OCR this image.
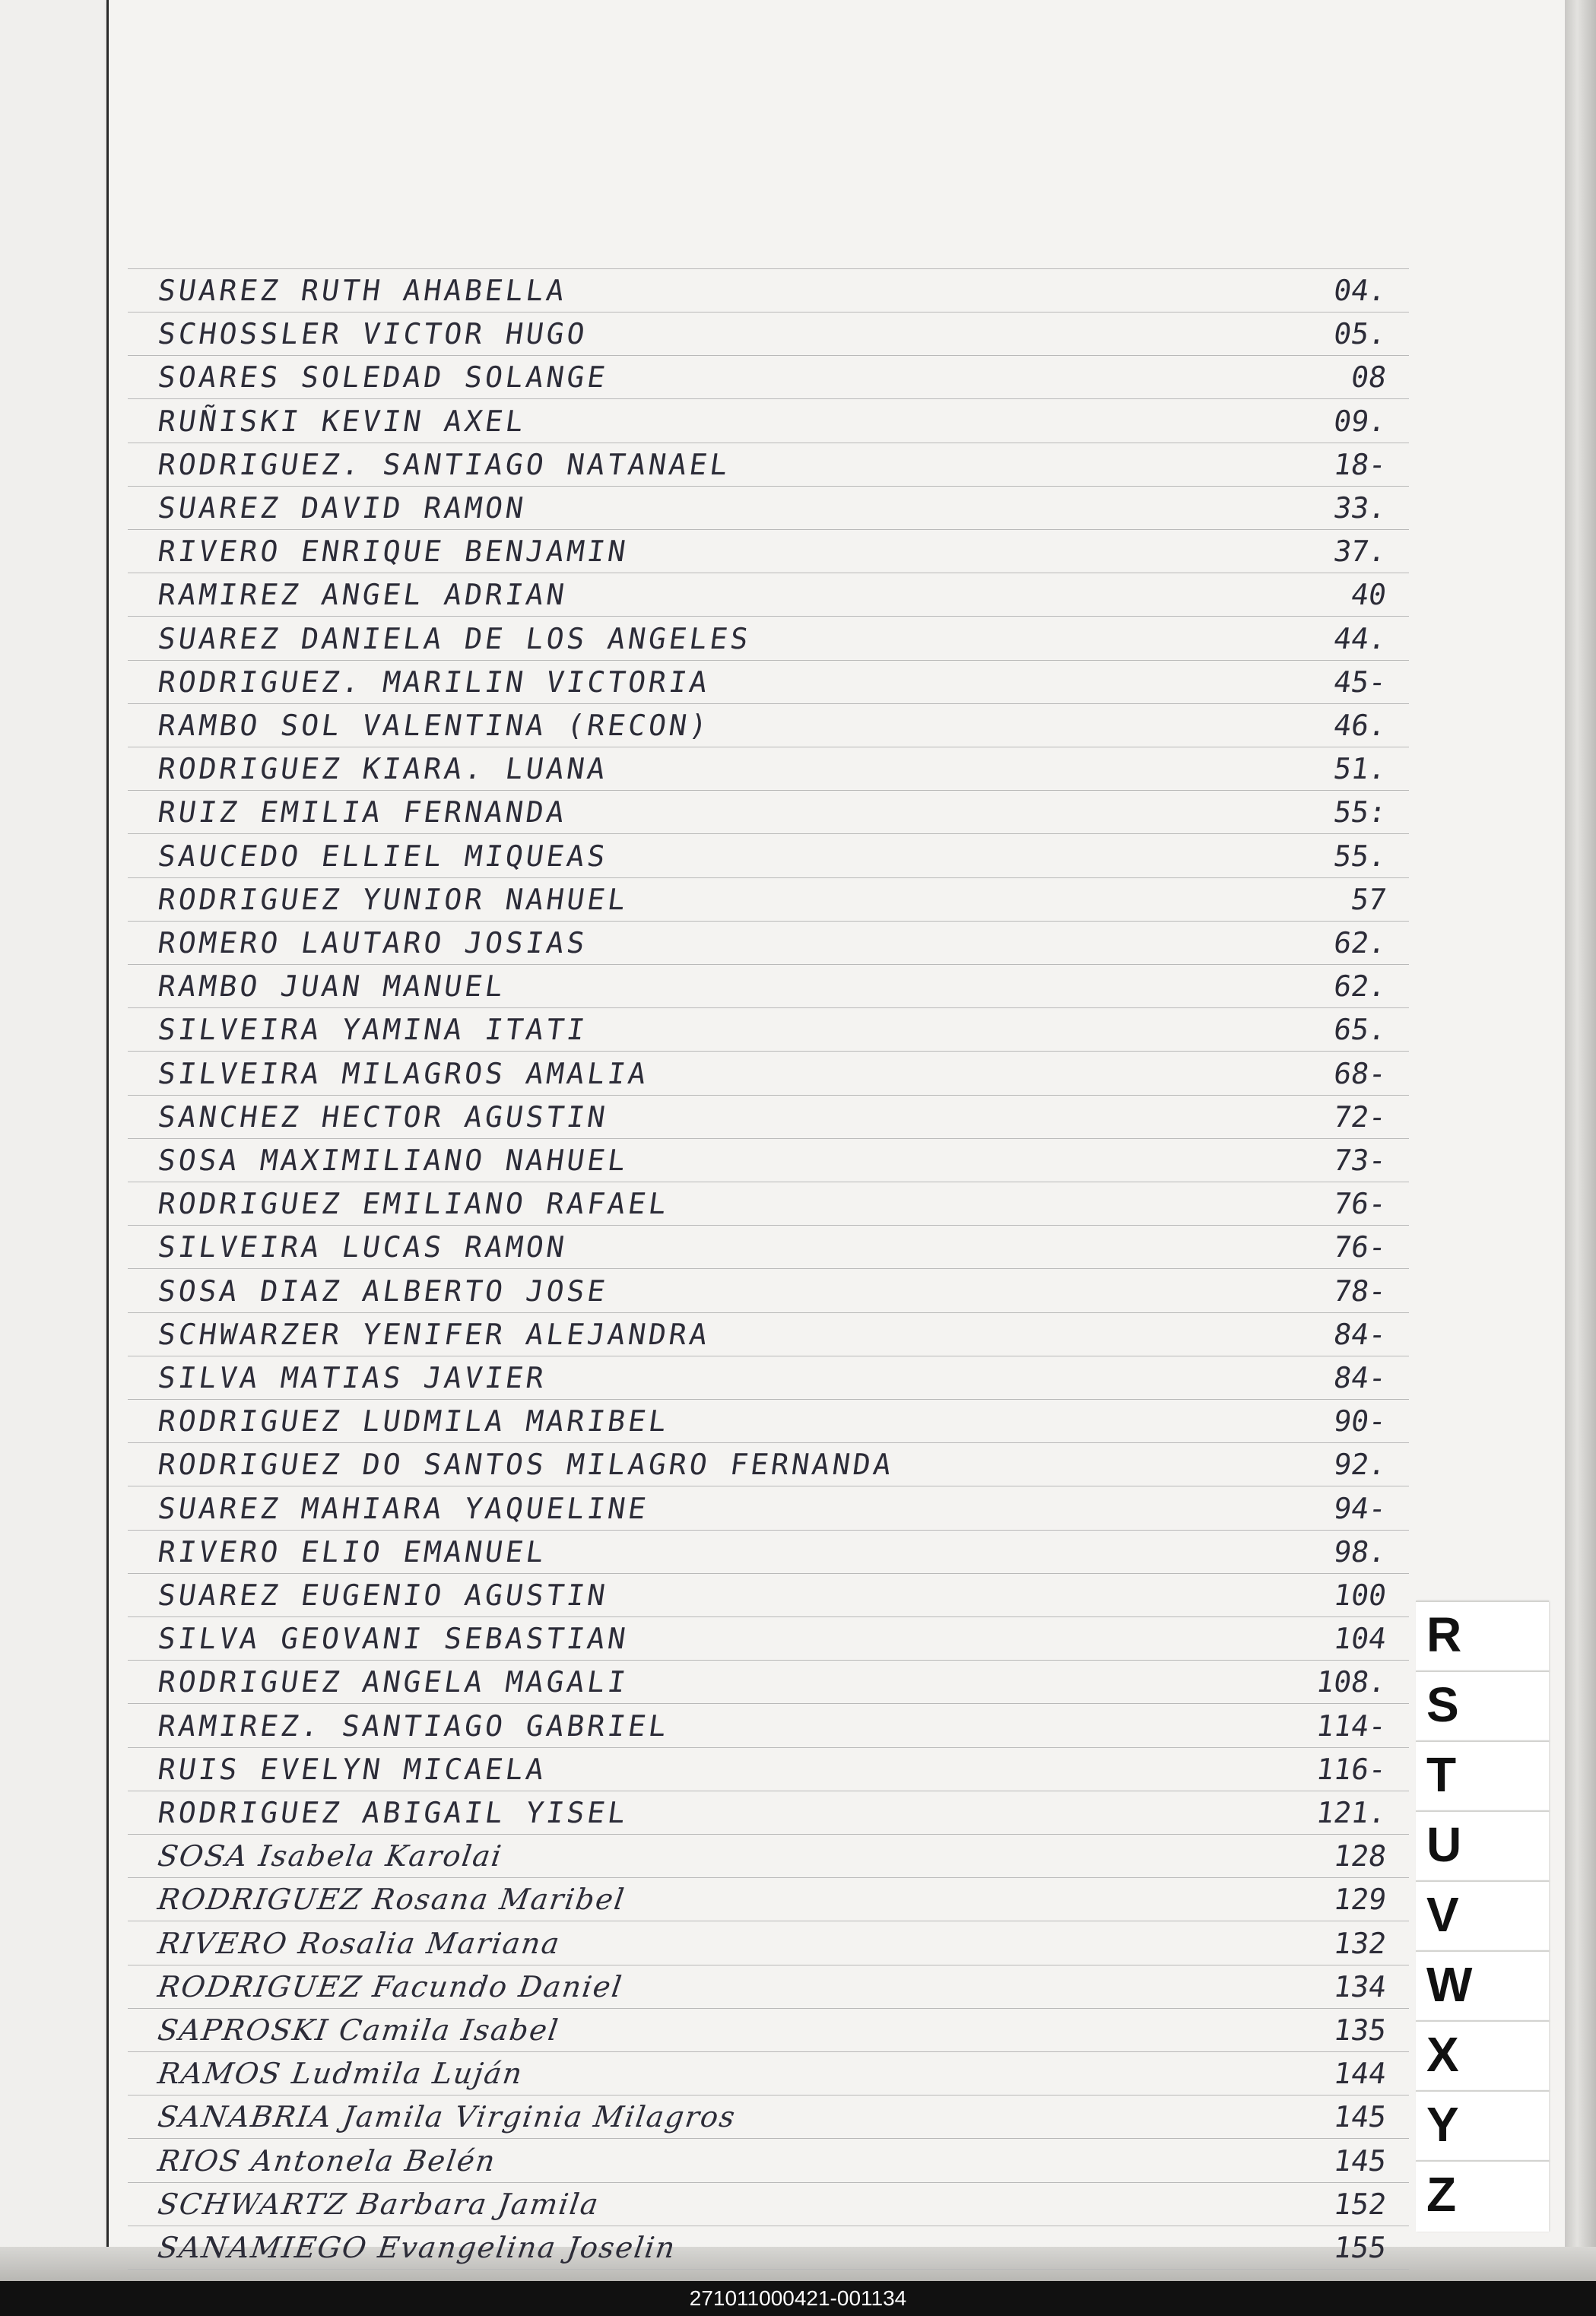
SUAREZ RUTH AHABELLA	04.
SCHOSSLER VICTOR HUGO	05.
SOARES SOLEDAD SOLANGE	08
RUÑISKI KEVIN AXEL	09.
RODRIGUEZ. SANTIAGO NATANAEL	18-
SUAREZ DAVID RAMON	33.
RIVERO ENRIQUE BENJAMIN	37.
RAMIREZ ANGEL ADRIAN	40
SUAREZ DANIELA DE LOS ANGELES	44.
RODRIGUEZ. MARILIN VICTORIA	45-
RAMBO SOL VALENTINA (RECON)	46.
RODRIGUEZ KIARA. LUANA	51.
RUIZ EMILIA FERNANDA	55:
SAUCEDO ELLIEL MIQUEAS	55.
RODRIGUEZ YUNIOR NAHUEL	57
ROMERO LAUTARO JOSIAS	62.
RAMBO JUAN MANUEL	62.
SILVEIRA YAMINA ITATI	65.
SILVEIRA MILAGROS AMALIA	68-
SANCHEZ HECTOR AGUSTIN	72-
SOSA MAXIMILIANO NAHUEL	73-
RODRIGUEZ EMILIANO RAFAEL	76-
SILVEIRA LUCAS RAMON	76-
SOSA DIAZ ALBERTO JOSE	78-
SCHWARZER YENIFER ALEJANDRA	84-
SILVA MATIAS JAVIER	84-
RODRIGUEZ LUDMILA MARIBEL	90-
RODRIGUEZ DO SANTOS MILAGRO FERNANDA	92.
SUAREZ MAHIARA YAQUELINE	94-
RIVERO ELIO EMANUEL	98.
SUAREZ EUGENIO AGUSTIN	100
SILVA GEOVANI SEBASTIAN	104
RODRIGUEZ ANGELA MAGALI	108.
RAMIREZ. SANTIAGO GABRIEL	114-
RUIS EVELYN MICAELA	116-
RODRIGUEZ ABIGAIL YISEL	121.
SOSA Isabela Karolai	128
RODRIGUEZ Rosana Maribel	129
RIVERO Rosalia Mariana	132
RODRIGUEZ Facundo Daniel	134
SAPROSKI Camila Isabel	135
RAMOS Ludmila Luján	144
SANABRIA Jamila Virginia Milagros	145
RIOS Antonela Belén	145
SCHWARTZ Barbara Jamila	152
SANAMIEGO Evangelina Joselin	155
R
S
T
U
V
W
X
Y
Z
271011000421-001134
